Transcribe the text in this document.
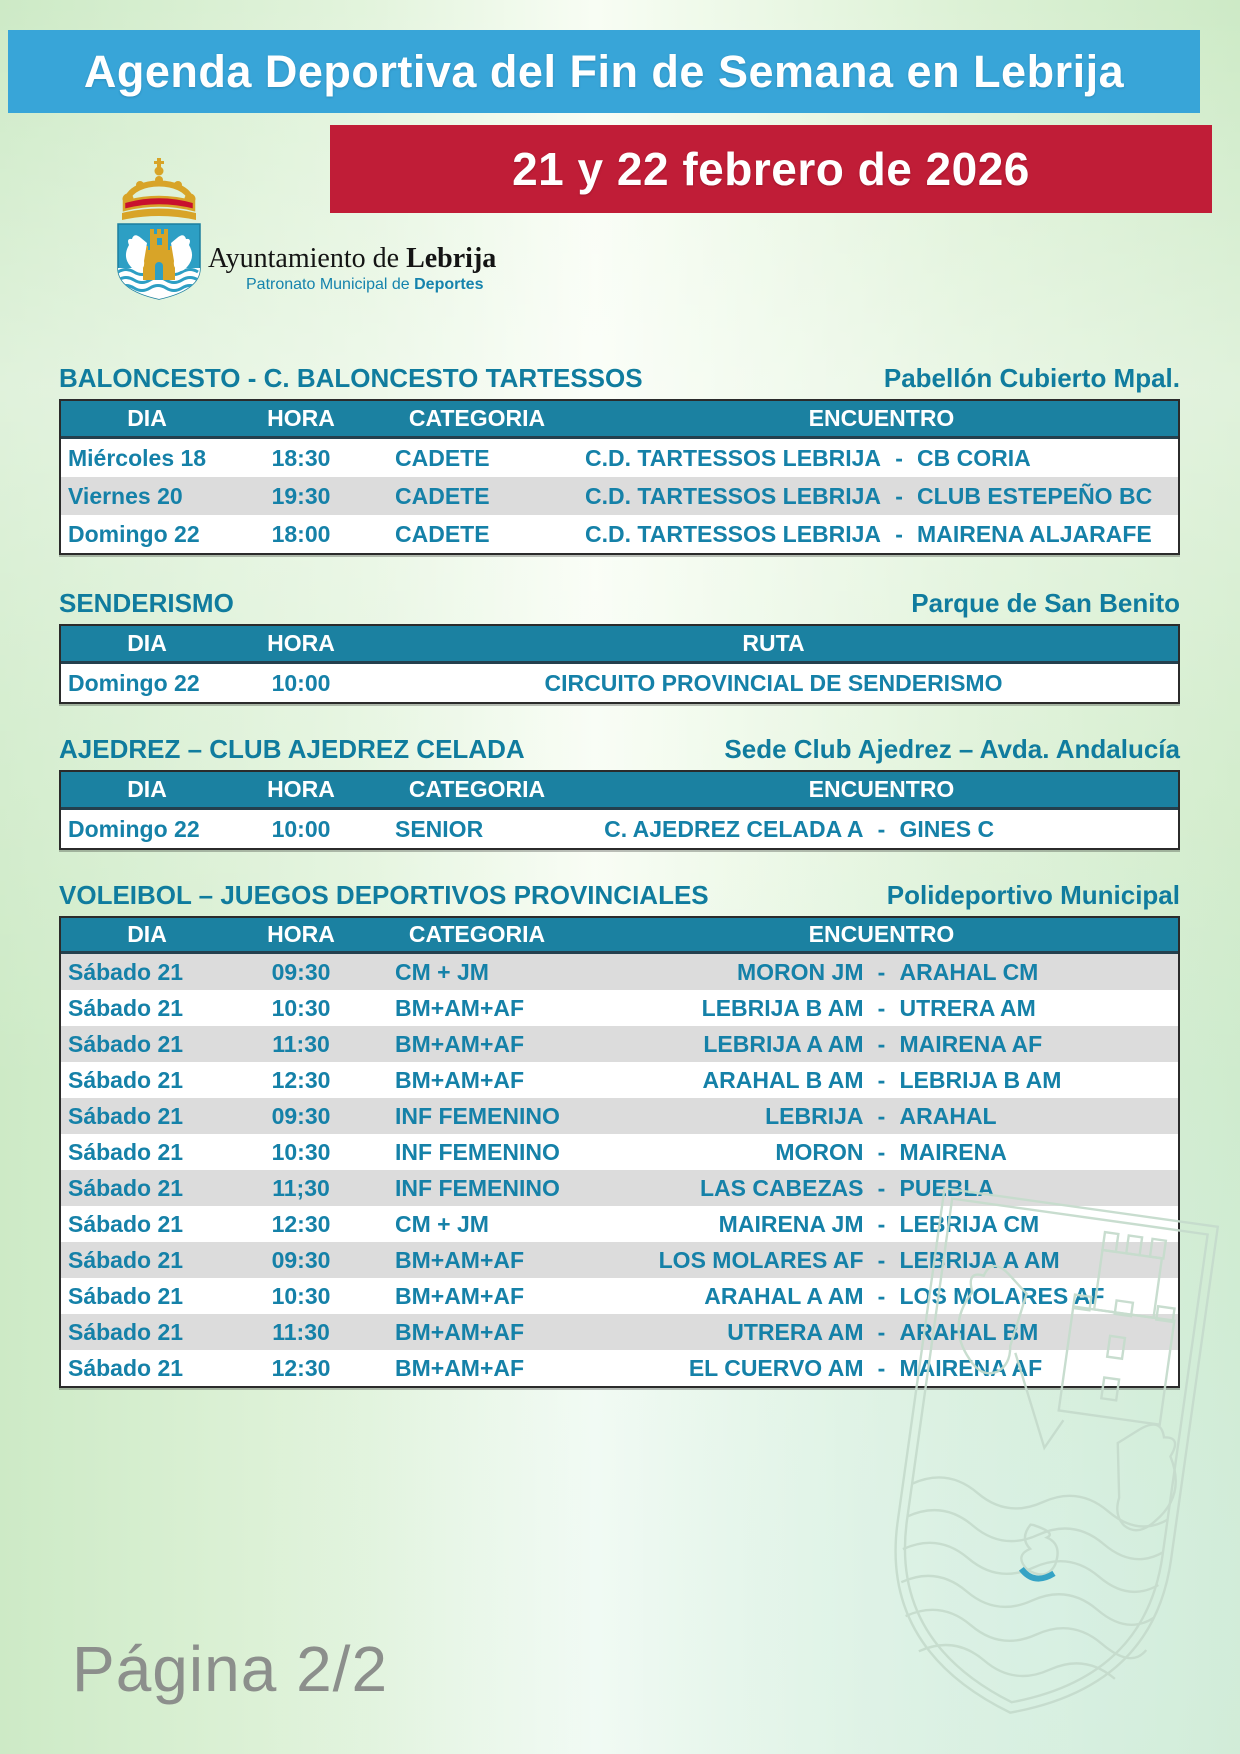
Agenda Deportiva del Fin de Semana en Lebrija
21 y 22 febrero de 2026
Ayuntamiento de Lebrija
Patronato Municipal de Deportes
BALONCESTO - C. BALONCESTO TARTESSOS	Pabellón Cubierto Mpal.
DIA	HORA	CATEGORIA	ENCUENTRO
Miércoles 18	18:30	CADETE	C.D. TARTESSOS LEBRIJA - CB CORIA
Viernes 20	19:30	CADETE	C.D. TARTESSOS LEBRIJA - CLUB ESTEPEÑO BC
Domingo 22	18:00	CADETE	C.D. TARTESSOS LEBRIJA - MAIRENA ALJARAFE
SENDERISMO	Parque de San Benito
DIA	HORA	RUTA
Domingo 22	10:00	CIRCUITO PROVINCIAL DE SENDERISMO
AJEDREZ – CLUB AJEDREZ CELADA	Sede Club Ajedrez – Avda. Andalucía
DIA	HORA	CATEGORIA	ENCUENTRO
Domingo 22	10:00	SENIOR	C. AJEDREZ CELADA A - GINES C
VOLEIBOL – JUEGOS DEPORTIVOS PROVINCIALES	Polideportivo Municipal
DIA	HORA	CATEGORIA	ENCUENTRO
Sábado 21	09:30	CM + JM	MORON JM - ARAHAL CM
Sábado 21	10:30	BM+AM+AF	LEBRIJA B AM - UTRERA AM
Sábado 21	11:30	BM+AM+AF	LEBRIJA A AM - MAIRENA AF
Sábado 21	12:30	BM+AM+AF	ARAHAL B AM - LEBRIJA B AM
Sábado 21	09:30	INF FEMENINO	LEBRIJA - ARAHAL
Sábado 21	10:30	INF FEMENINO	MORON - MAIRENA
Sábado 21	11;30	INF FEMENINO	LAS CABEZAS - PUEBLA
Sábado 21	12:30	CM + JM	MAIRENA JM - LEBRIJA CM
Sábado 21	09:30	BM+AM+AF	LOS MOLARES AF - LEBRIJA A AM
Sábado 21	10:30	BM+AM+AF	ARAHAL A AM - LOS MOLARES AF
Sábado 21	11:30	BM+AM+AF	UTRERA AM - ARAHAL BM
Sábado 21	12:30	BM+AM+AF	EL CUERVO AM - MAIRENA AF
Página 2/2
